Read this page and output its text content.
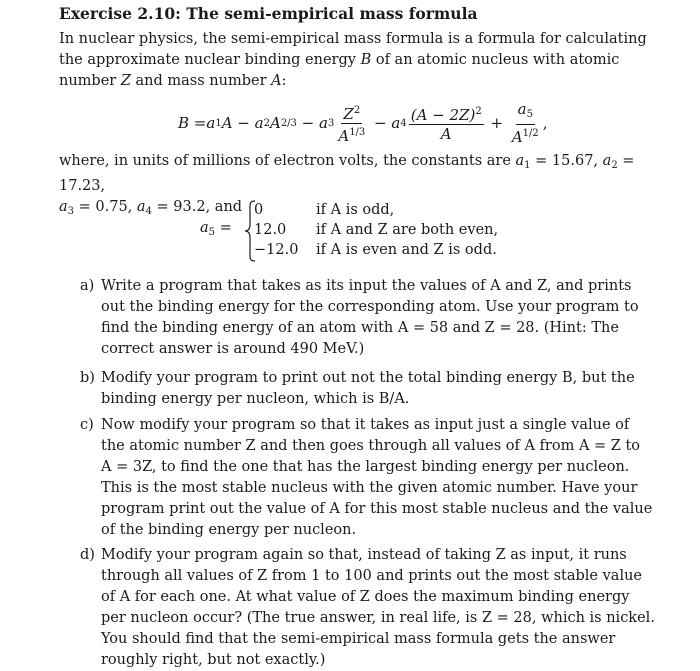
Exercise 2.10: The semi-empirical mass formula
In nuclear physics, the semi-empirical mass formula is a formula for calculating the approximate nuclear binding energy B of an atomic nucleus with atomic number Z and mass number A:
B = a 1 A − a 2 A 2/3 − a $3 \frac{Z^2}{A^{1/3}} - a$ $4 \frac{(A - 2Z)^2}{A} + \frac{a_5}{A^{1/2}}$ ,
where, in units of millions of electron volts, the constants are $a_1 = 15.67$, $a_2 = 17.23$,
$a_3 = 0.75$, $a_4 = 93.2$, and
$a_5$ =
0	if A is odd,
12.0 if A and Z are both even,
−12.0 if A is even and Z is odd.
a) Write a program that takes as its input the values of A and Z, and prints out the binding energy for the corresponding atom. Use your program to find the binding energy of an atom with A = 58 and Z = 28. (Hint: The correct answer is around 490 MeV.)
b) Modify your program to print out not the total binding energy B, but the binding energy per nucleon, which is B/A.
c) Now modify your program so that it takes as input just a single value of the atomic number Z and then goes through all values of A from A = Z to A = 3Z, to find the one that has the largest binding energy per nucleon. This is the most stable nucleus with the given atomic number. Have your program print out the value of A for this most stable nucleus and the value of the binding energy per nucleon.
d) Modify your program again so that, instead of taking Z as input, it runs through all values of Z from 1 to 100 and prints out the most stable value of A for each one. At what value of Z does the maximum binding energy per nucleon occur? (The true answer, in real life, is Z = 28, which is nickel. You should find that the semi-empirical mass formula gets the answer roughly right, but not exactly.)
